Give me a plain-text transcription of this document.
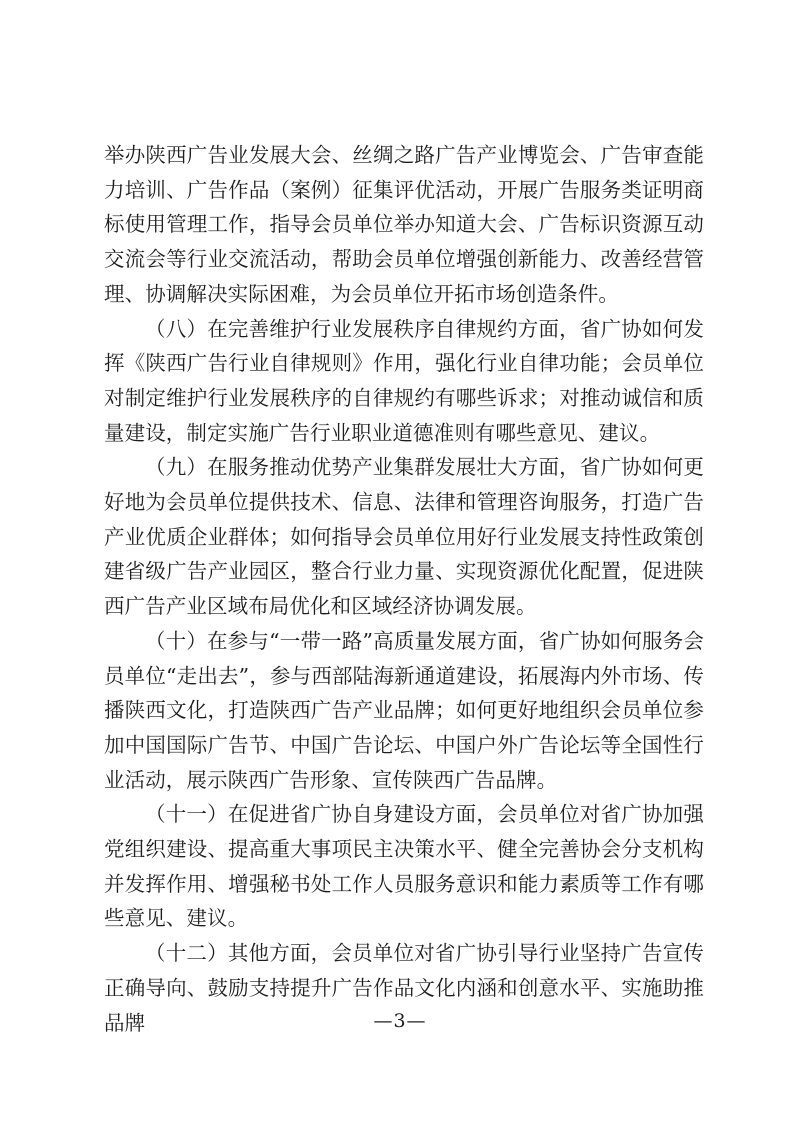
举办陕西广告业发展大会、丝绸之路广告产业博览会、广告审查能力培训、广告作品（案例）征集评优活动，开展广告服务类证明商标使用管理工作，指导会员单位举办知道大会、广告标识资源互动交流会等行业交流活动，帮助会员单位增强创新能力、改善经营管理、协调解决实际困难，为会员单位开拓市场创造条件。

（八）在完善维护行业发展秩序自律规约方面，省广协如何发挥《陕西广告行业自律规则》作用，强化行业自律功能；会员单位对制定维护行业发展秩序的自律规约有哪些诉求；对推动诚信和质量建设，制定实施广告行业职业道德准则有哪些意见、建议。

（九）在服务推动优势产业集群发展壮大方面，省广协如何更好地为会员单位提供技术、信息、法律和管理咨询服务，打造广告产业优质企业群体；如何指导会员单位用好行业发展支持性政策创建省级广告产业园区，整合行业力量、实现资源优化配置，促进陕西广告产业区域布局优化和区域经济协调发展。

（十）在参与“一带一路”高质量发展方面，省广协如何服务会员单位“走出去”，参与西部陆海新通道建设，拓展海内外市场、传播陕西文化，打造陕西广告产业品牌；如何更好地组织会员单位参加中国国际广告节、中国广告论坛、中国户外广告论坛等全国性行业活动，展示陕西广告形象、宣传陕西广告品牌。

（十一）在促进省广协自身建设方面，会员单位对省广协加强党组织建设、提高重大事项民主决策水平、健全完善协会分支机构并发挥作用、增强秘书处工作人员服务意识和能力素质等工作有哪些意见、建议。

（十二）其他方面，会员单位对省广协引导行业坚持广告宣传正确导向、鼓励支持提升广告作品文化内涵和创意水平、实施助推品牌	—3—
